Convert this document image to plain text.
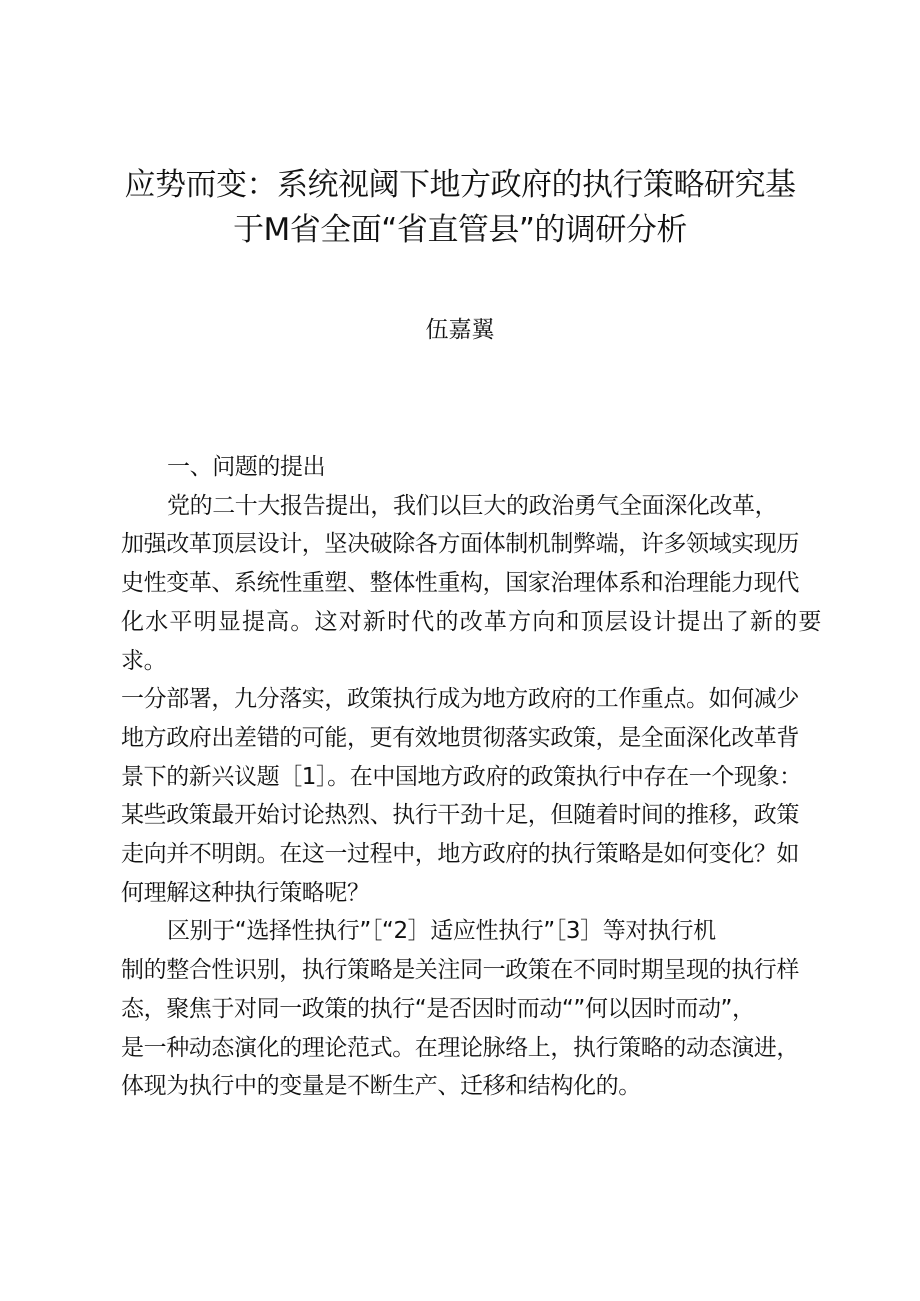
应势而变：系统视阈下地方政府的执行策略研究基于M省全面“省直管县”的调研分析
伍嘉翼
一、问题的提出

党的二十大报告提出，我们以巨大的政治勇气全面深化改革，
加强改革顶层设计，坚决破除各方面体制机制弊端，许多领域实现历
史性变革、系统性重塑、整体性重构，国家治理体系和治理能力现代
化水平明显提高。这对新时代的改革方向和顶层设计提出了新的要求。
一分部署，九分落实，政策执行成为地方政府的工作重点。如何减少
地方政府出差错的可能，更有效地贯彻落实政策，是全面深化改革背
景下的新兴议题［1］。在中国地方政府的政策执行中存在一个现象：
某些政策最开始讨论热烈、执行干劲十足，但随着时间的推移，政策
走向并不明朗。在这一过程中，地方政府的执行策略是如何变化？如
何理解这种执行策略呢？

区别于“选择性执行”［“2］适应性执行”［3］等对执行机
制的整合性识别，执行策略是关注同一政策在不同时期呈现的执行样
态，聚焦于对同一政策的执行“是否因时而动“”何以因时而动”，
是一种动态演化的理论范式。在理论脉络上，执行策略的动态演进，
体现为执行中的变量是不断生产、迁移和结构化的。
